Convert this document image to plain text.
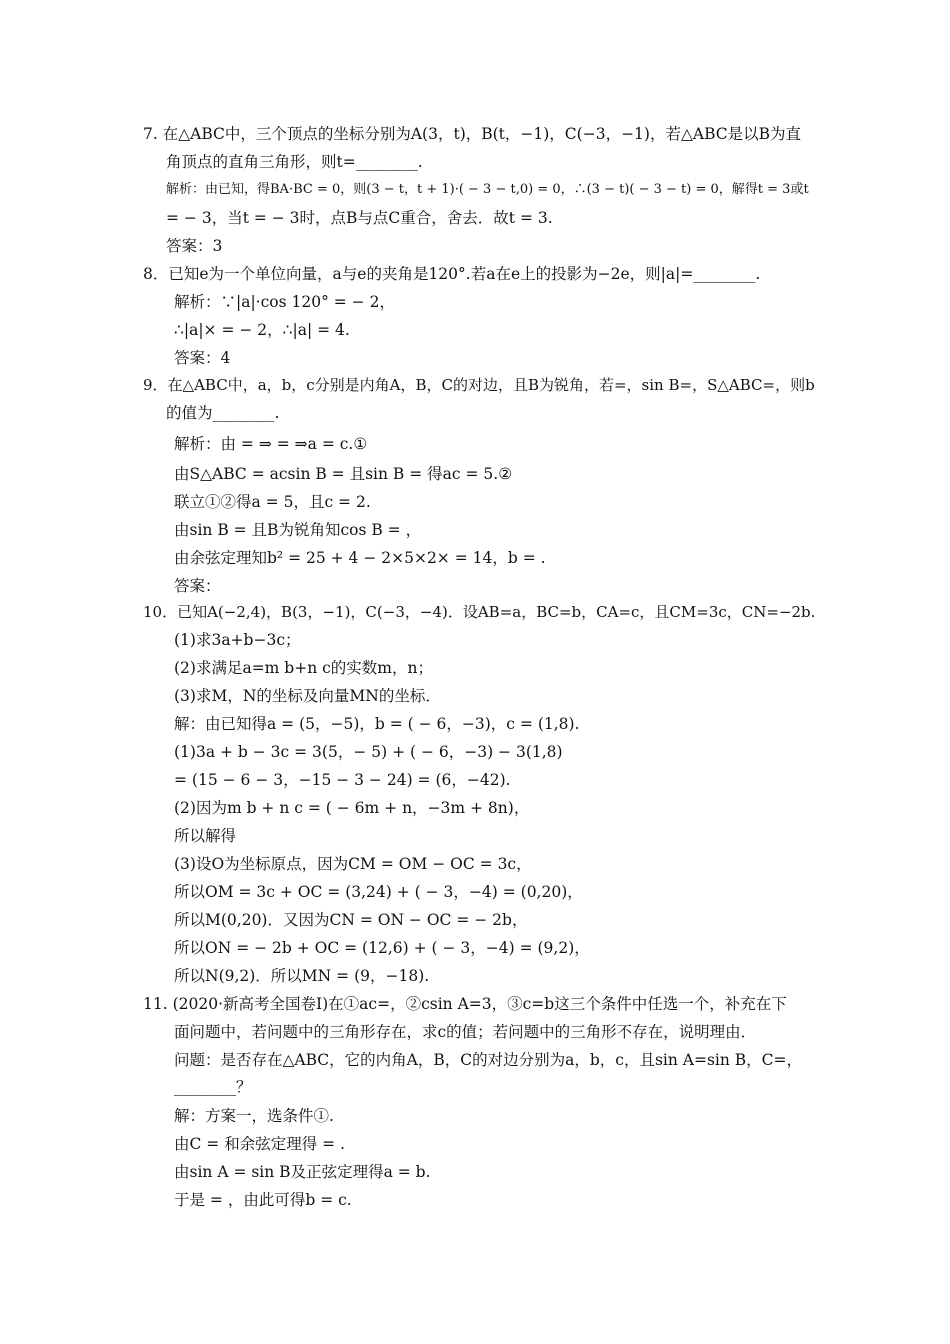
7. 在△ABC中，三个顶点的坐标分别为A(3，t)，B(t，−1)，C(−3，−1)，若△ABC是以B为直
角顶点的直角三角形，则t=________.
解析：由已知，得BA·BC = 0，则(3 − t，t + 1)·( − 3 − t,0) = 0，∴(3 − t)( − 3 − t) = 0，解得t = 3或t
= − 3，当t = − 3时，点B与点C重合，舍去．故t = 3.
答案：3
8．已知e为一个单位向量，a与e的夹角是120°.若a在e上的投影为−2e，则|a|=________.
解析：∵|a|·cos 120° = − 2，
∴|a|× = − 2，∴|a| = 4.
答案：4
9．在△ABC中，a，b，c分别是内角A，B，C的对边，且B为锐角，若=，sin B=，S△ABC=，则b
的值为________.
解析：由 = ⇒ = ⇒a = c.①
由S△ABC = acsin B = 且sin B = 得ac = 5.②
联立①②得a = 5，且c = 2.
由sin B = 且B为锐角知cos B = ，
由余弦定理知b² = 25 + 4 − 2×5×2× = 14，b = .
答案：
10．已知A(−2,4)，B(3，−1)，C(−3，−4)．设AB=a，BC=b，CA=c，且CM=3c，CN=−2b.
(1)求3a+b−3c；
(2)求满足a=m b+n c的实数m，n；
(3)求M，N的坐标及向量MN的坐标．
解：由已知得a = (5，−5)，b = ( − 6，−3)，c = (1,8).
(1)3a + b − 3c = 3(5，− 5) + ( − 6，−3) − 3(1,8)
= (15 − 6 − 3，−15 − 3 − 24) = (6，−42).
(2)因为m b + n c = ( − 6m + n，−3m + 8n)，
所以解得
(3)设O为坐标原点，因为CM = OM − OC = 3c，
所以OM = 3c + OC = (3,24) + ( − 3，−4) = (0,20)，
所以M(0,20)．又因为CN = ON − OC = − 2b，
所以ON = − 2b + OC = (12,6) + ( − 3，−4) = (9,2)，
所以N(9,2)．所以MN = (9，−18).
11. (2020·新高考全国卷Ⅰ)在①ac=，②csin A=3，③c=b这三个条件中任选一个，补充在下
面问题中，若问题中的三角形存在，求c的值；若问题中的三角形不存在，说明理由．
问题：是否存在△ABC，它的内角A，B，C的对边分别为a，b，c，且sin A=sin B，C=，
________？
解：方案一，选条件①.
由C = 和余弦定理得 = .
由sin A = sin B及正弦定理得a = b.
于是 = ，由此可得b = c.
